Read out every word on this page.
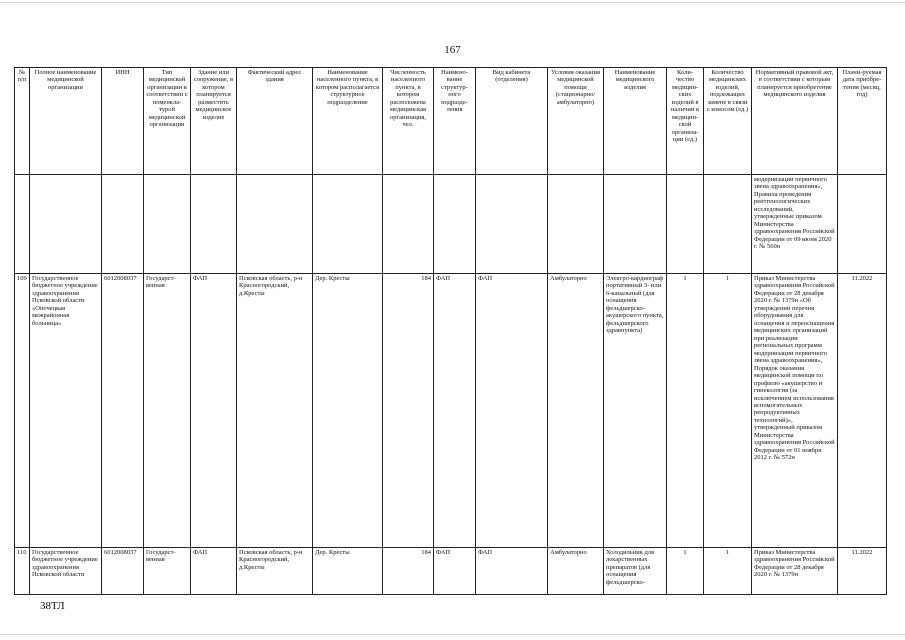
167
№ п/п	Полное наименование медицинской организации	ИНН	Тип медицинской организации в соответствии с номенкла-турой медицинской организации	Здание или сооружение, в котором планируется разместить медицинское изделие	Фактический адрес здания	Наименование населенного пункта, в котором располагается структурное подразделение	Численность населенного пункта, в котором расположена медицинская организация, чел.	Наимено-вание структур-ного подразде-ления	Вид кабинета (отделения)	Условия оказания медицинской помощи (стационарно/амбулаторно)	Наименование медицинского изделия	Коли-чество медицин-ских изделий в наличии в медицин-ской организа-ции (ед.)	Количество медицинских изделий, подлежащих замене в связи с износом (ед.)	Нормативный правовой акт, в соответствии с которым планируется приобретение медицинского изделия	Плани-руемая дата приобре-тения (месяц, год)
														модернизации первичного звена здравоохранения», Правила проведения рентгенологических исследований, утвержденные приказом Министерства здравоохранения Российской Федерации от 09 июня 2020 г. № 560н	
109	Государственное бюджетное учреждение здравоохранения Псковской области «Опочецкая межрайонная больница»	6012008037	Государст-венная	ФАП	Псковская область, р-н Красногородский, д.Кресты	Дер. Кресты	184	ФАП	ФАП	Амбулаторно	Электро-кардиограф портативный 3- или 6-канальный (для оснащения фельдшерско-акушерского пункта, фельдшерского здравпункта)	1	1	Приказ Министерства здравоохранения Российской Федерации от 28 декабря 2020 г. № 1379н «Об утверждении перечня оборудования для оснащения и переоснащения медицинских организаций при реализации региональных программ модернизации первичного звена здравоохранения», Порядок оказания медицинской помощи по профилю «акушерство и гинекология (за исключением использования вспомогательных репродуктивных технологий)», утвержденный приказом Министерства здравоохранения Российской Федерации от 01 ноября 2012 г. № 572н	11.2022
110	Государственное бюджетное учреждение здравоохранения Псковской области	6012008037	Государст-венная	ФАП	Псковская область, р-н Красногородский, д.Кресты	Дер. Кресты	184	ФАП	ФАП	Амбулаторно	Холодильник для лекарственных препаратов (для оснащения фельдшерско-	1	1	Приказ Министерства здравоохранения Российской Федерации от 28 декабря 2020 г. № 1379н	11.2022
38ТЛ
